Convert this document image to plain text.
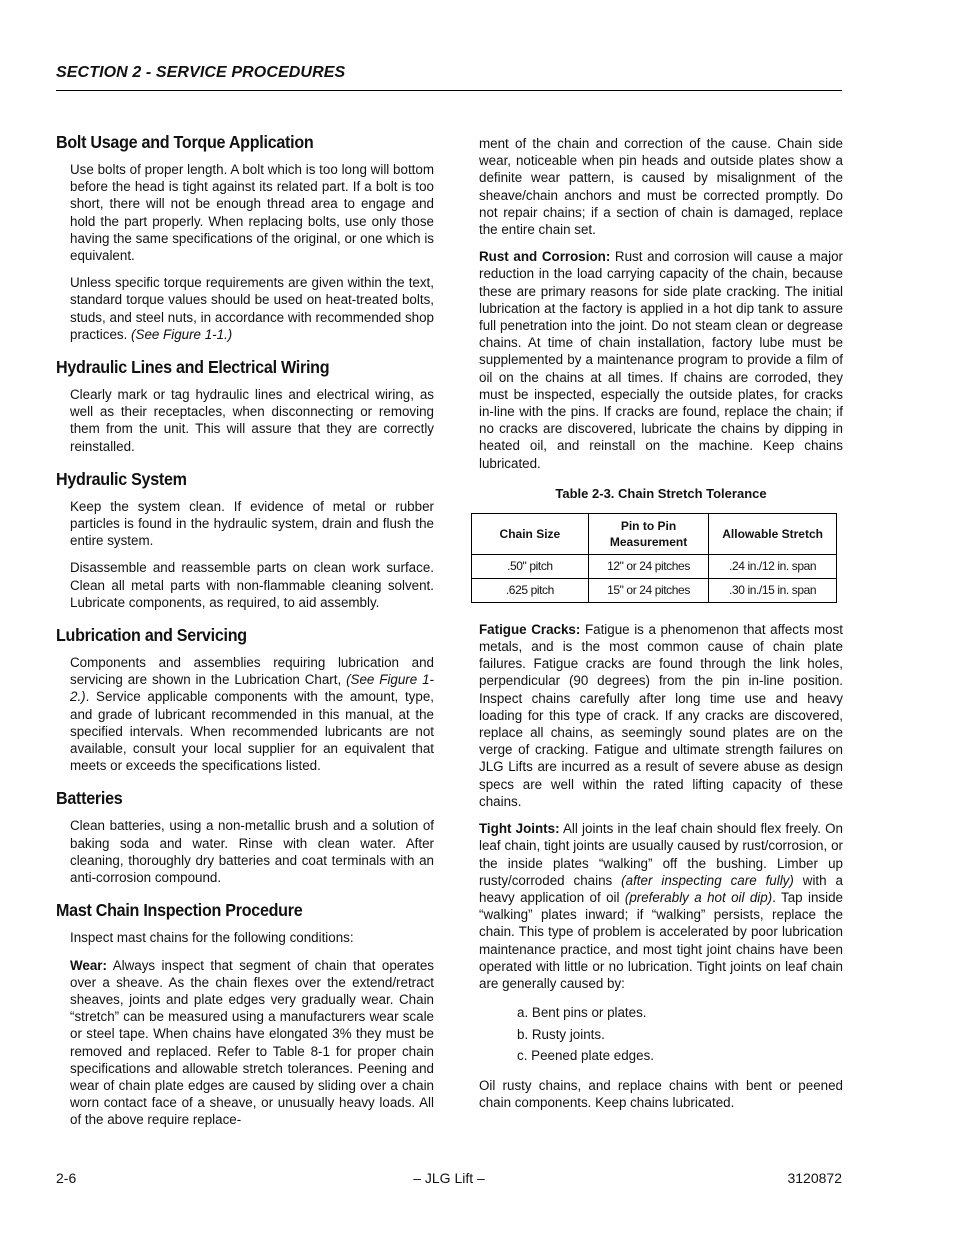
SECTION 2 - SERVICE PROCEDURES
Bolt Usage and Torque Application

Use bolts of proper length. A bolt which is too long will bottom before the head is tight against its related part. If a bolt is too short, there will not be enough thread area to engage and hold the part properly. When replacing bolts, use only those having the same specifications of the original, or one which is equivalent.

Unless specific torque requirements are given within the text, standard torque values should be used on heat-treated bolts, studs, and steel nuts, in accordance with recommended shop practices. (See Figure 1-1.)

Hydraulic Lines and Electrical Wiring

Clearly mark or tag hydraulic lines and electrical wiring, as well as their receptacles, when disconnecting or removing them from the unit. This will assure that they are correctly reinstalled.

Hydraulic System

Keep the system clean. If evidence of metal or rubber particles is found in the hydraulic system, drain and flush the entire system.

Disassemble and reassemble parts on clean work surface. Clean all metal parts with non-flammable cleaning solvent. Lubricate components, as required, to aid assembly.

Lubrication and Servicing

Components and assemblies requiring lubrication and servicing are shown in the Lubrication Chart, (See Figure 1-2.). Service applicable components with the amount, type, and grade of lubricant recommended in this manual, at the specified intervals. When recommended lubricants are not available, consult your local supplier for an equivalent that meets or exceeds the specifications listed.

Batteries

Clean batteries, using a non-metallic brush and a solution of baking soda and water. Rinse with clean water. After cleaning, thoroughly dry batteries and coat terminals with an anti-corrosion compound.

Mast Chain Inspection Procedure

Inspect mast chains for the following conditions:

Wear: Always inspect that segment of chain that operates over a sheave. As the chain flexes over the extend/retract sheaves, joints and plate edges very gradually wear. Chain “stretch” can be measured using a manufacturers wear scale or steel tape. When chains have elongated 3% they must be removed and replaced. Refer to Table 8-1 for proper chain specifications and allowable stretch tolerances. Peening and wear of chain plate edges are caused by sliding over a chain worn contact face of a sheave, or unusually heavy loads. All of the above require replace-

ment of the chain and correction of the cause. Chain side wear, noticeable when pin heads and outside plates show a definite wear pattern, is caused by misalignment of the sheave/chain anchors and must be corrected promptly. Do not repair chains; if a section of chain is damaged, replace the entire chain set.

Rust and Corrosion: Rust and corrosion will cause a major reduction in the load carrying capacity of the chain, because these are primary reasons for side plate cracking. The initial lubrication at the factory is applied in a hot dip tank to assure full penetration into the joint. Do not steam clean or degrease chains. At time of chain installation, factory lube must be supplemented by a maintenance program to provide a film of oil on the chains at all times. If chains are corroded, they must be inspected, especially the outside plates, for cracks in-line with the pins. If cracks are found, replace the chain; if no cracks are discovered, lubricate the chains by dipping in heated oil, and reinstall on the machine. Keep chains lubricated.

Table 2-3. Chain Stretch Tolerance
Chain Size	Pin to Pin Measurement	Allowable Stretch
.50" pitch	12" or 24 pitches	.24 in./12 in. span
.625 pitch	15" or 24 pitches	.30 in./15 in. span

Fatigue Cracks: Fatigue is a phenomenon that affects most metals, and is the most common cause of chain plate failures. Fatigue cracks are found through the link holes, perpendicular (90 degrees) from the pin in-line position. Inspect chains carefully after long time use and heavy loading for this type of crack. If any cracks are discovered, replace all chains, as seemingly sound plates are on the verge of cracking. Fatigue and ultimate strength failures on JLG Lifts are incurred as a result of severe abuse as design specs are well within the rated lifting capacity of these chains.

Tight Joints: All joints in the leaf chain should flex freely. On leaf chain, tight joints are usually caused by rust/corrosion, or the inside plates “walking” off the bushing. Limber up rusty/corroded chains (after inspecting care fully) with a heavy application of oil (preferably a hot oil dip). Tap inside “walking” plates inward; if “walking” persists, replace the chain. This type of problem is accelerated by poor lubrication maintenance practice, and most tight joint chains have been operated with little or no lubrication. Tight joints on leaf chain are generally caused by:

a. Bent pins or plates.
b. Rusty joints.
c. Peened plate edges.

Oil rusty chains, and replace chains with bent or peened chain components. Keep chains lubricated.

2-6	– JLG Lift –	3120872
